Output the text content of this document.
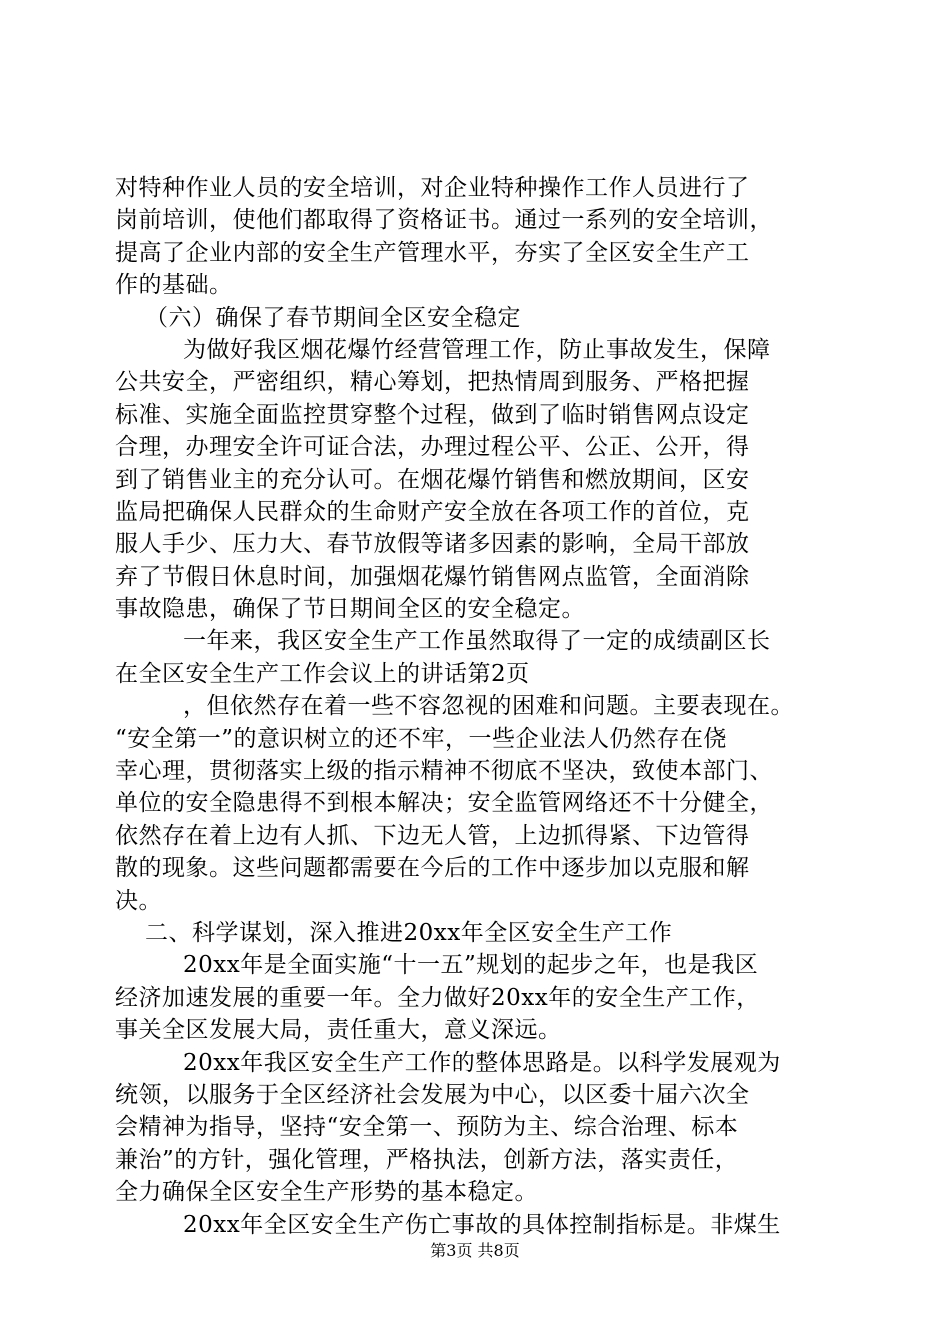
对特种作业人员的安全培训，对企业特种操作工作人员进行了
岗前培训，使他们都取得了资格证书。通过一系列的安全培训，
提高了企业内部的安全生产管理水平，夯实了全区安全生产工
作的基础。
（六）确保了春节期间全区安全稳定
为做好我区烟花爆竹经营管理工作，防止事故发生，保障
公共安全，严密组织，精心筹划，把热情周到服务、严格把握
标准、实施全面监控贯穿整个过程，做到了临时销售网点设定
合理，办理安全许可证合法，办理过程公平、公正、公开，得
到了销售业主的充分认可。在烟花爆竹销售和燃放期间，区安
监局把确保人民群众的生命财产安全放在各项工作的首位，克
服人手少、压力大、春节放假等诸多因素的影响，全局干部放
弃了节假日休息时间，加强烟花爆竹销售网点监管，全面消除
事故隐患，确保了节日期间全区的安全稳定。
一年来，我区安全生产工作虽然取得了一定的成绩副区长
在全区安全生产工作会议上的讲话第2页
，但依然存在着一些不容忽视的困难和问题。主要表现在。
“安全第一”的意识树立的还不牢，一些企业法人仍然存在侥
幸心理，贯彻落实上级的指示精神不彻底不坚决，致使本部门、
单位的安全隐患得不到根本解决；安全监管网络还不十分健全，
依然存在着上边有人抓、下边无人管，上边抓得紧、下边管得
散的现象。这些问题都需要在今后的工作中逐步加以克服和解
决。
二、科学谋划，深入推进20xx年全区安全生产工作
20xx年是全面实施“十一五”规划的起步之年，也是我区
经济加速发展的重要一年。全力做好20xx年的安全生产工作，
事关全区发展大局，责任重大，意义深远。
20xx年我区安全生产工作的整体思路是。以科学发展观为
统领，以服务于全区经济社会发展为中心，以区委十届六次全
会精神为指导，坚持“安全第一、预防为主、综合治理、标本
兼治”的方针，强化管理，严格执法，创新方法，落实责任，
全力确保全区安全生产形势的基本稳定。
20xx年全区安全生产伤亡事故的具体控制指标是。非煤生
第3页 共8页
